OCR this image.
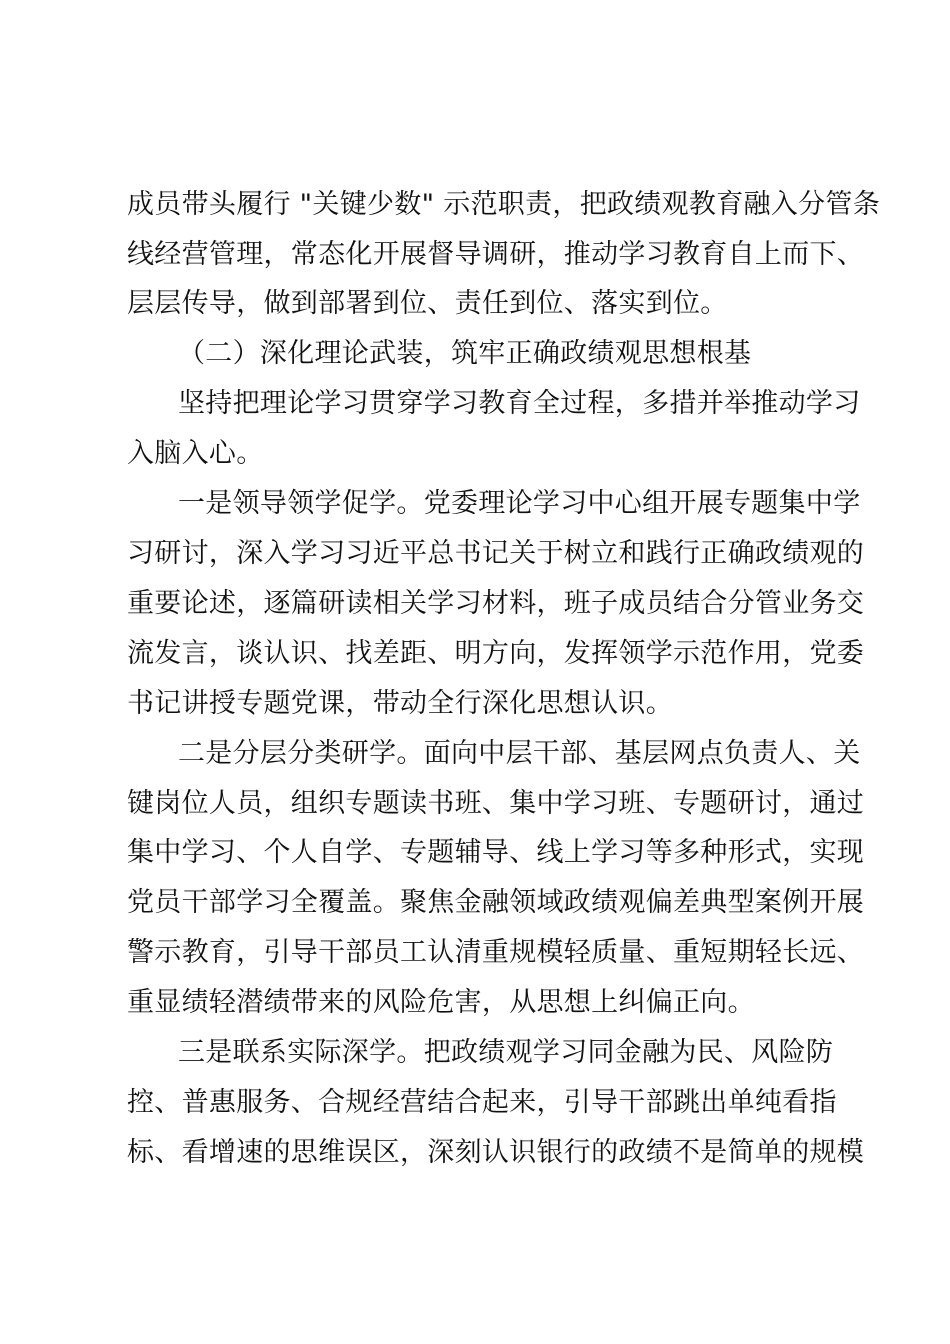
成员带头履行 "关键少数" 示范职责，把政绩观教育融入分管条

线经营管理，常态化开展督导调研，推动学习教育自上而下、

层层传导，做到部署到位、责任到位、落实到位。

（二）深化理论武装，筑牢正确政绩观思想根基

坚持把理论学习贯穿学习教育全过程，多措并举推动学习

入脑入心。

一是领导领学促学。党委理论学习中心组开展专题集中学

习研讨，深入学习习近平总书记关于树立和践行正确政绩观的

重要论述，逐篇研读相关学习材料，班子成员结合分管业务交

流发言，谈认识、找差距、明方向，发挥领学示范作用，党委

书记讲授专题党课，带动全行深化思想认识。

二是分层分类研学。面向中层干部、基层网点负责人、关

键岗位人员，组织专题读书班、集中学习班、专题研讨，通过

集中学习、个人自学、专题辅导、线上学习等多种形式，实现

党员干部学习全覆盖。聚焦金融领域政绩观偏差典型案例开展

警示教育，引导干部员工认清重规模轻质量、重短期轻长远、

重显绩轻潜绩带来的风险危害，从思想上纠偏正向。

三是联系实际深学。把政绩观学习同金融为民、风险防

控、普惠服务、合规经营结合起来，引导干部跳出单纯看指

标、看增速的思维误区，深刻认识银行的政绩不是简单的规模
